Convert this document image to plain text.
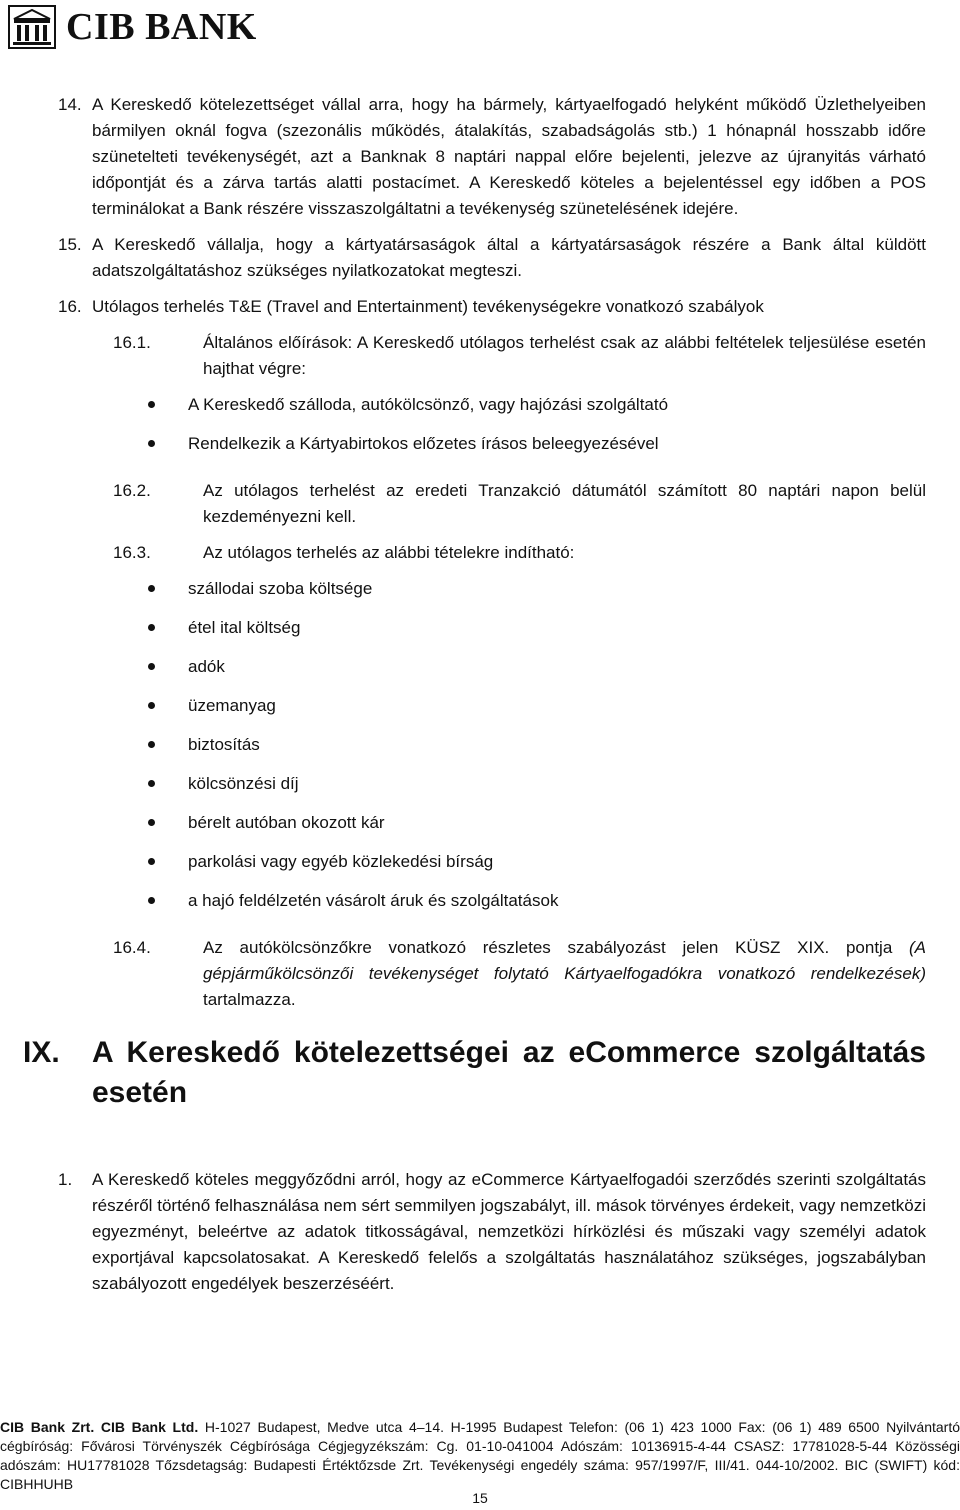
CIB BANK
14. A Kereskedő kötelezettséget vállal arra, hogy ha bármely, kártyaelfogadó helyként működő Üzlethelyeiben bármilyen oknál fogva (szezonális működés, átalakítás, szabadságolás stb.) 1 hónapnál hosszabb időre szünetelteti tevékenységét, azt a Banknak 8 naptári nappal előre bejelenti, jelezve az újranyitás várható időpontját és a zárva tartás alatti postacímet. A Kereskedő köteles a bejelentéssel egy időben a POS terminálokat a Bank részére visszaszolgáltatni a tevékenység szünetelésének idejére.
15. A Kereskedő vállalja, hogy a kártyatársaságok által a kártyatársaságok részére a Bank által küldött adatszolgáltatáshoz szükséges nyilatkozatokat megteszi.
16. Utólagos terhelés T&E (Travel and Entertainment) tevékenységekre vonatkozó szabályok
16.1.	Általános előírások: A Kereskedő utólagos terhelést csak az alábbi feltételek teljesülése esetén hajthat végre:
A Kereskedő szálloda, autókölcsönző, vagy hajózási szolgáltató
Rendelkezik a Kártyabirtokos előzetes írásos beleegyezésével
16.2.	Az utólagos terhelést az eredeti Tranzakció dátumától számított 80 naptári napon belül kezdeményezni kell.
16.3.	Az utólagos terhelés az alábbi tételekre indítható:
szállodai szoba költsége
étel ital költség
adók
üzemanyag
biztosítás
kölcsönzési díj
bérelt autóban okozott kár
parkolási vagy egyéb közlekedési bírság
a hajó feldélzetén vásárolt áruk és szolgáltatások
16.4.	Az autókölcsönzőkre vonatkozó részletes szabályozást jelen KÜSZ XIX. pontja (A gépjárműkölcsönzői tevékenységet folytató Kártyaelfogadókra vonatkozó rendelkezések) tartalmazza.
IX.	A Kereskedő kötelezettségei az eCommerce szolgáltatás esetén
1.	A Kereskedő köteles meggyőződni arról, hogy az eCommerce Kártyaelfogadói szerződés szerinti szolgáltatás részéről történő felhasználása nem sért semmilyen jogszabályt, ill. mások törvényes érdekeit, vagy nemzetközi egyezményt, beleértve az adatok titkosságával, nemzetközi hírközlési és műszaki vagy személyi adatok exportjával kapcsolatosakat. A Kereskedő felelős a szolgáltatás használatához szükséges, jogszabályban szabályozott engedélyek beszerzéséért.
CIB Bank Zrt. CIB Bank Ltd. H-1027 Budapest, Medve utca 4–14. H-1995 Budapest Telefon: (06 1) 423 1000 Fax: (06 1) 489 6500 Nyilvántartó cégbíróság: Fővárosi Törvényszék Cégbírósága Cégjegyzékszám: Cg. 01-10-041004 Adószám: 10136915-4-44 CSASZ: 17781028-5-44 Közösségi adószám: HU17781028 Tőzsdetagság: Budapesti Értéktőzsde Zrt. Tevékenységi engedély száma: 957/1997/F, III/41. 044-10/2002. BIC (SWIFT) kód: CIBHHUHB
15
